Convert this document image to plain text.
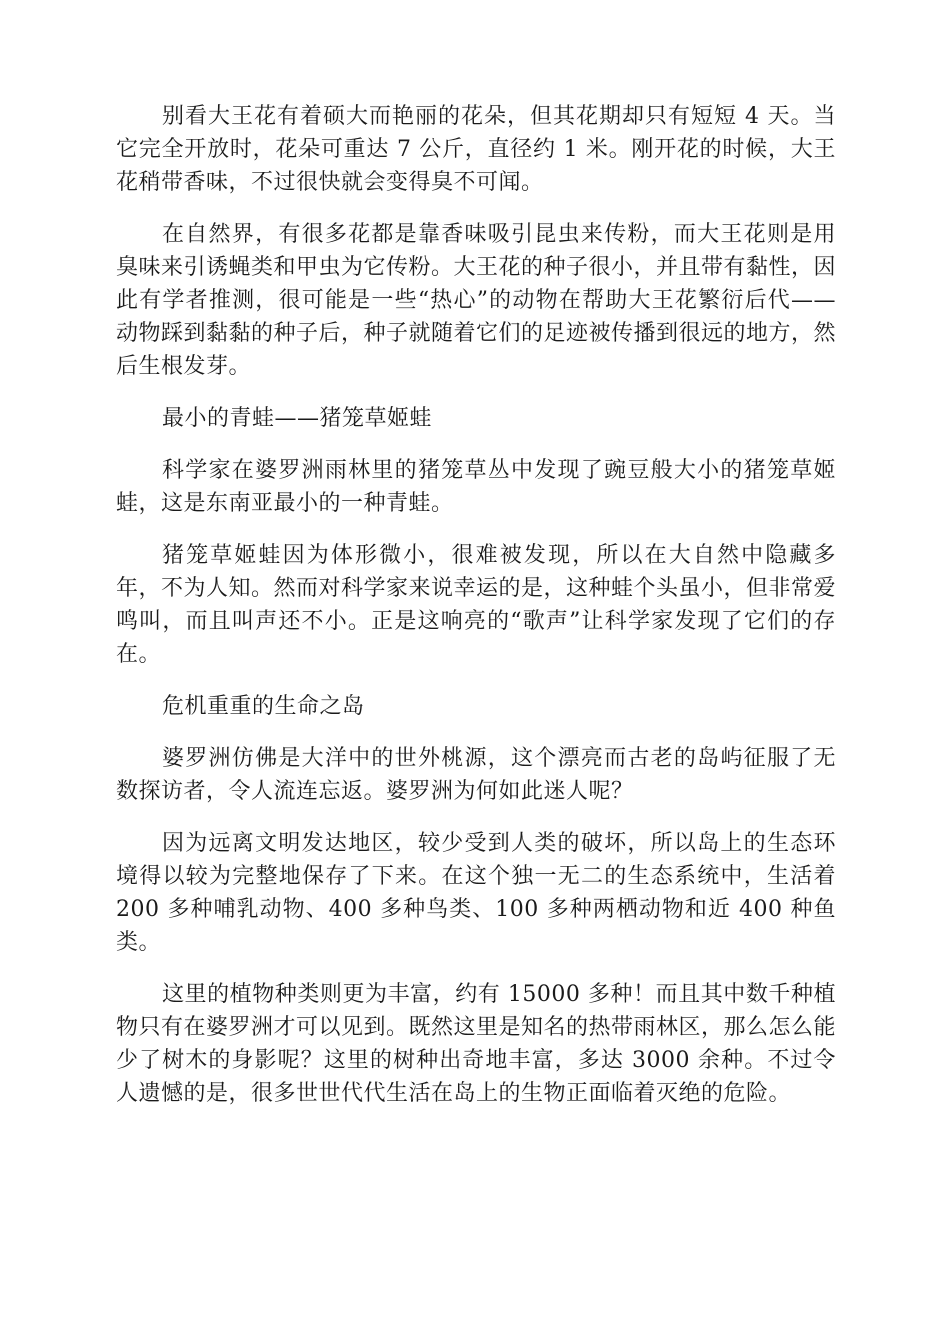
别看大王花有着硕大而艳丽的花朵，但其花期却只有短短 4 天。当它完全开放时，花朵可重达 7 公斤，直径约 1 米。刚开花的时候，大王花稍带香味，不过很快就会变得臭不可闻。

在自然界，有很多花都是靠香味吸引昆虫来传粉，而大王花则是用臭味来引诱蝇类和甲虫为它传粉。大王花的种子很小，并且带有黏性，因此有学者推测，很可能是一些“热心”的动物在帮助大王花繁衍后代——动物踩到黏黏的种子后，种子就随着它们的足迹被传播到很远的地方，然后生根发芽。

最小的青蛙——猪笼草姬蛙

科学家在婆罗洲雨林里的猪笼草丛中发现了豌豆般大小的猪笼草姬蛙，这是东南亚最小的一种青蛙。

猪笼草姬蛙因为体形微小，很难被发现，所以在大自然中隐藏多年，不为人知。然而对科学家来说幸运的是，这种蛙个头虽小，但非常爱鸣叫，而且叫声还不小。正是这响亮的“歌声”让科学家发现了它们的存在。

危机重重的生命之岛

婆罗洲仿佛是大洋中的世外桃源，这个漂亮而古老的岛屿征服了无数探访者，令人流连忘返。婆罗洲为何如此迷人呢？

因为远离文明发达地区，较少受到人类的破坏，所以岛上的生态环境得以较为完整地保存了下来。在这个独一无二的生态系统中，生活着 200 多种哺乳动物、400 多种鸟类、100 多种两栖动物和近 400 种鱼类。

这里的植物种类则更为丰富，约有 15000 多种！而且其中数千种植物只有在婆罗洲才可以见到。既然这里是知名的热带雨林区，那么怎么能少了树木的身影呢？这里的树种出奇地丰富，多达 3000 余种。不过令人遗憾的是，很多世世代代生活在岛上的生物正面临着灭绝的危险。
